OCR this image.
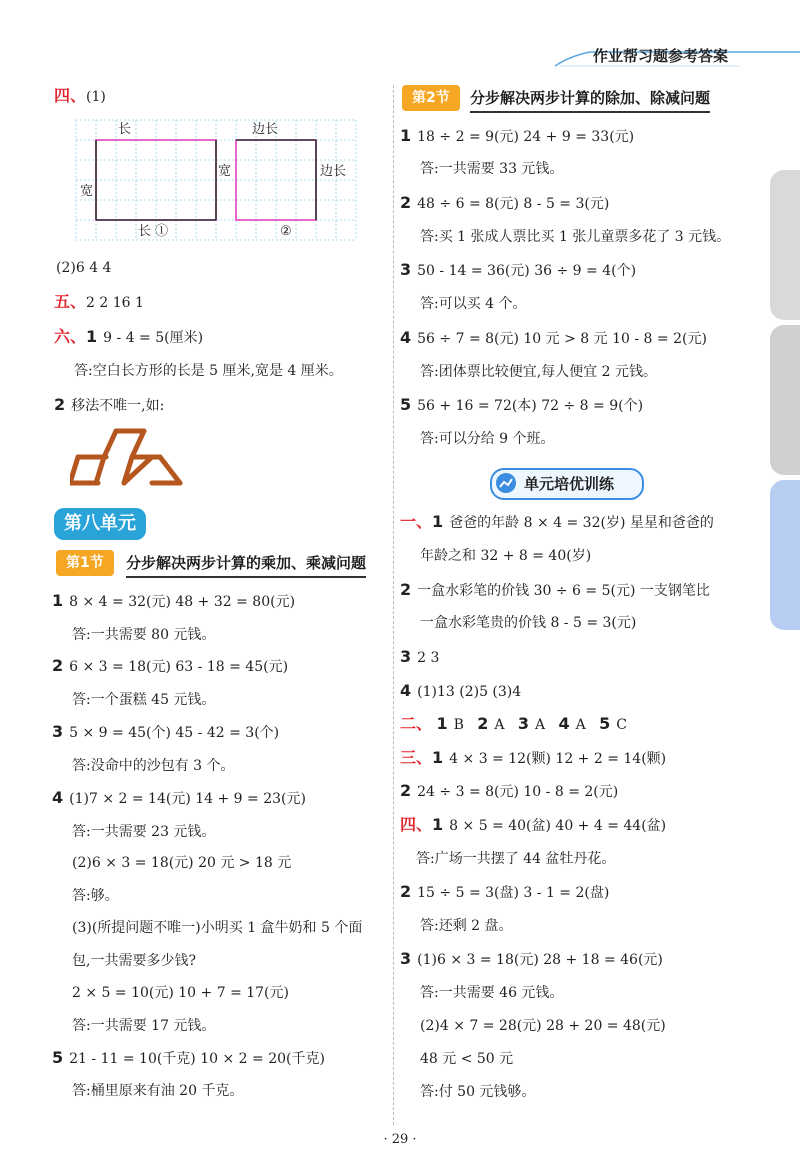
作业帮习题参考答案
四、(1)
长
宽
宽
长 ①
边长
边长
②
(2)6 4 4
五、2 2 16 1
六、1 9 - 4 = 5(厘米)
答:空白长方形的长是 5 厘米,宽是 4 厘米。
2 移法不唯一,如:
第八单元
第1节	分步解决两步计算的乘加、乘减问题
1 8 × 4 = 32(元) 48 + 32 = 80(元)
答:一共需要 80 元钱。
2 6 × 3 = 18(元) 63 - 18 = 45(元)
答:一个蛋糕 45 元钱。
3 5 × 9 = 45(个) 45 - 42 = 3(个)
答:没命中的沙包有 3 个。
4 (1)7 × 2 = 14(元) 14 + 9 = 23(元)
答:一共需要 23 元钱。
(2)6 × 3 = 18(元) 20 元 > 18 元
答:够。
(3)(所提问题不唯一)小明买 1 盒牛奶和 5 个面
包,一共需要多少钱?
2 × 5 = 10(元) 10 + 7 = 17(元)
答:一共需要 17 元钱。
5 21 - 11 = 10(千克) 10 × 2 = 20(千克)
答:桶里原来有油 20 千克。
第2节	分步解决两步计算的除加、除减问题
1 18 ÷ 2 = 9(元) 24 + 9 = 33(元)
答:一共需要 33 元钱。
2 48 ÷ 6 = 8(元) 8 - 5 = 3(元)
答:买 1 张成人票比买 1 张儿童票多花了 3 元钱。
3 50 - 14 = 36(元) 36 ÷ 9 = 4(个)
答:可以买 4 个。
4 56 ÷ 7 = 8(元) 10 元 > 8 元 10 - 8 = 2(元)
答:团体票比较便宜,每人便宜 2 元钱。
5 56 + 16 = 72(本) 72 ÷ 8 = 9(个)
答:可以分给 9 个班。
单元培优训练
一、1 爸爸的年龄 8 × 4 = 32(岁) 星星和爸爸的
年龄之和 32 + 8 = 40(岁)
2 一盒水彩笔的价钱 30 ÷ 6 = 5(元) 一支钢笔比
一盒水彩笔贵的价钱 8 - 5 = 3(元)
3 2 3
4 (1)13 (2)5 (3)4
二、 1 B 2 A 3 A 4 A 5 C
三、1 4 × 3 = 12(颗) 12 + 2 = 14(颗)
2 24 ÷ 3 = 8(元) 10 - 8 = 2(元)
四、1 8 × 5 = 40(盆) 40 + 4 = 44(盆)
答:广场一共摆了 44 盆牡丹花。
2 15 ÷ 5 = 3(盘) 3 - 1 = 2(盘)
答:还剩 2 盘。
3 (1)6 × 3 = 18(元) 28 + 18 = 46(元)
答:一共需要 46 元钱。
(2)4 × 7 = 28(元) 28 + 20 = 48(元)
48 元 < 50 元
答:付 50 元钱够。
· 29 ·
